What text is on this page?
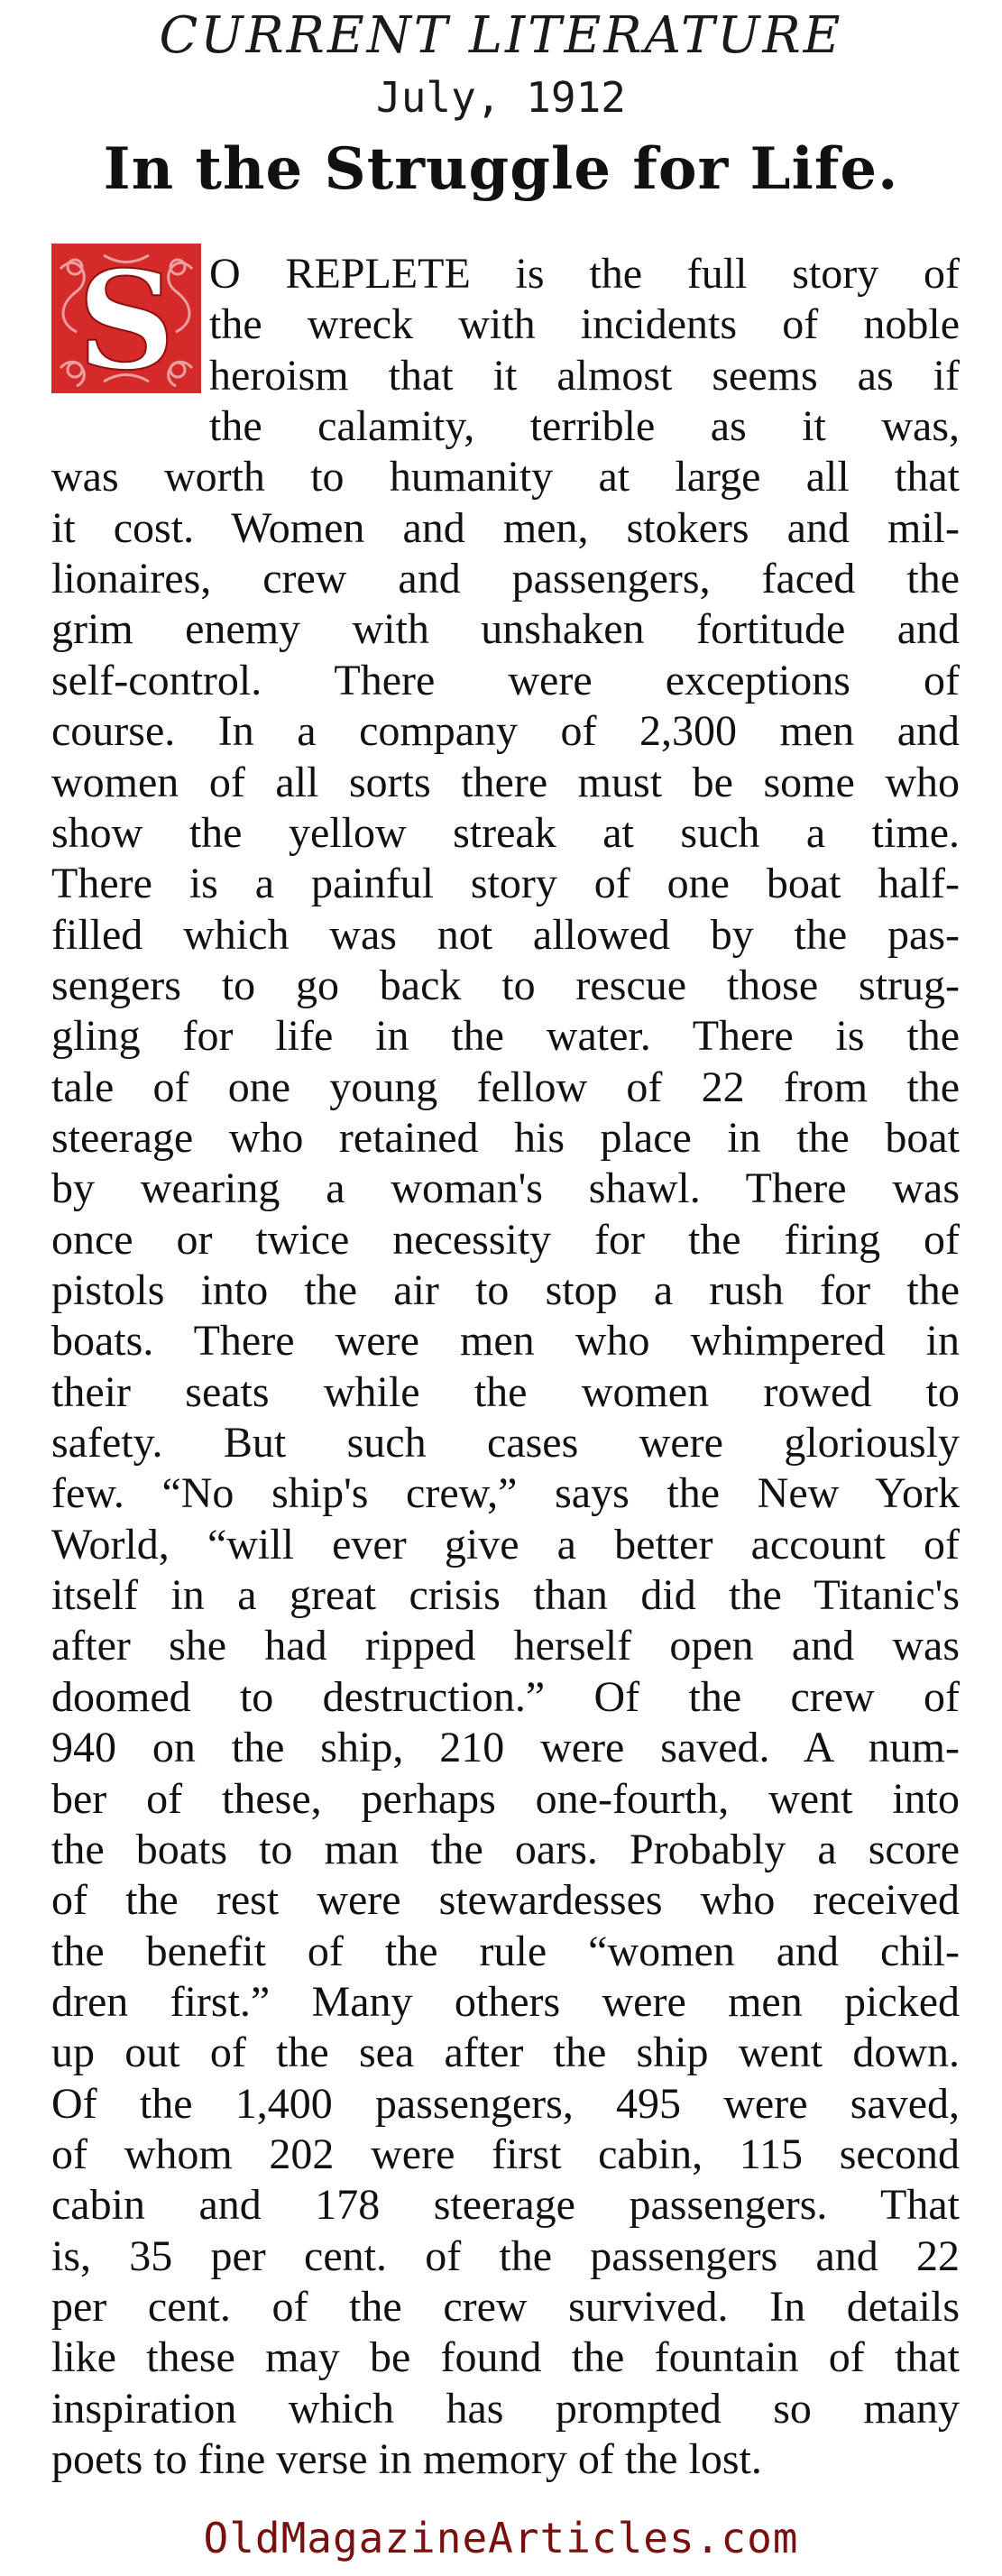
CURRENT LITERATURE
July, 1912
In the Struggle for Life.
S O REPLETE is the full story of
the wreck with incidents of noble
heroism that it almost seems as if
the calamity, terrible as it was,
was worth to humanity at large all that
it cost. Women and men, stokers and mil-
lionaires, crew and passengers, faced the
grim enemy with unshaken fortitude and
self-control. There were exceptions of
course. In a company of 2,300 men and
women of all sorts there must be some who
show the yellow streak at such a time.
There is a painful story of one boat half-
filled which was not allowed by the pas-
sengers to go back to rescue those strug-
gling for life in the water. There is the
tale of one young fellow of 22 from the
steerage who retained his place in the boat
by wearing a woman's shawl. There was
once or twice necessity for the firing of
pistols into the air to stop a rush for the
boats. There were men who whimpered in
their seats while the women rowed to
safety. But such cases were gloriously
few. “No ship's crew,” says the New York
World, “will ever give a better account of
itself in a great crisis than did the Titanic's
after she had ripped herself open and was
doomed to destruction.” Of the crew of
940 on the ship, 210 were saved. A num-
ber of these, perhaps one-fourth, went into
the boats to man the oars. Probably a score
of the rest were stewardesses who received
the benefit of the rule “women and chil-
dren first.” Many others were men picked
up out of the sea after the ship went down.
Of the 1,400 passengers, 495 were saved,
of whom 202 were first cabin, 115 second
cabin and 178 steerage passengers. That
is, 35 per cent. of the passengers and 22
per cent. of the crew survived. In details
like these may be found the fountain of that
inspiration which has prompted so many
poets to fine verse in memory of the lost.
OldMagazineArticles.com
